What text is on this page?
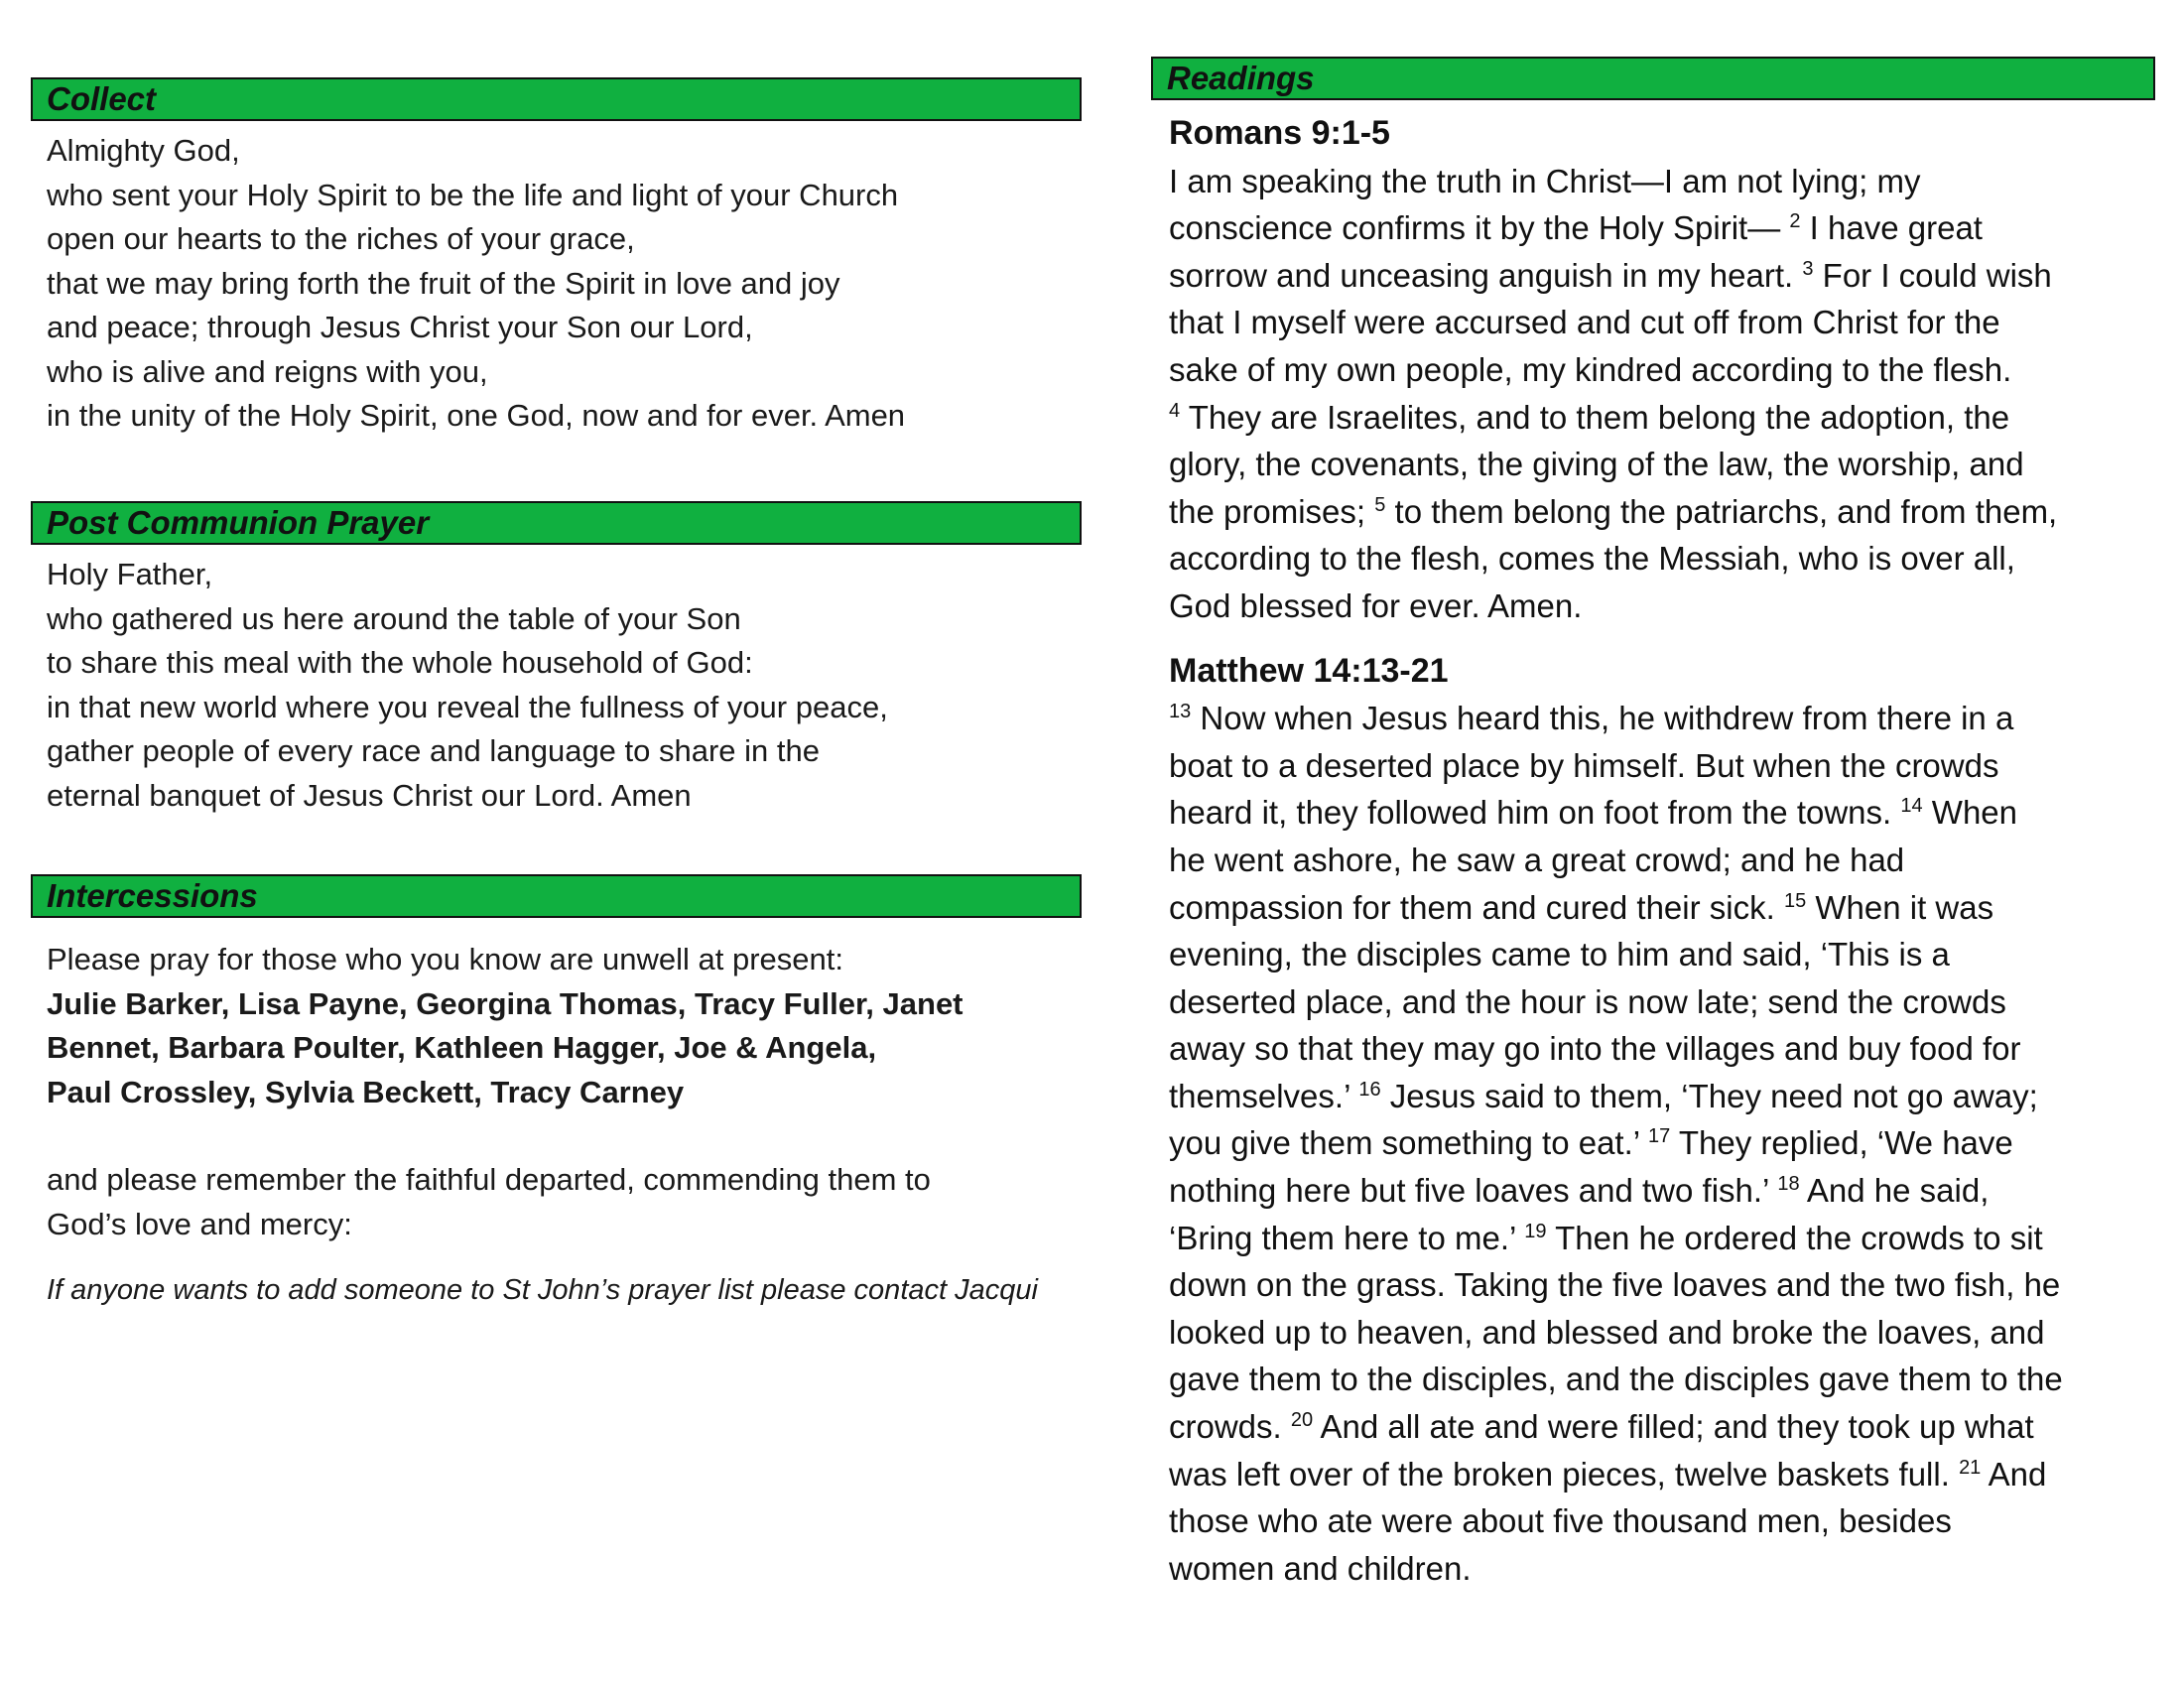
Collect
Almighty God,
who sent your Holy Spirit to be the life and light of your Church
open our hearts to the riches of your grace,
that we may bring forth the fruit of the Spirit in love and joy
and peace; through Jesus Christ your Son our Lord,
who is alive and reigns with you,
in the unity of the Holy Spirit, one God, now and for ever. Amen
Post Communion Prayer
Holy Father,
who gathered us here around the table of your Son
to share this meal with the whole household of God:
in that new world where you reveal the fullness of your peace,
gather people of every race and language to share in the
eternal banquet of Jesus Christ our Lord. Amen
Intercessions
Please pray for those who you know are unwell at present:
Julie Barker, Lisa Payne, Georgina Thomas, Tracy Fuller, Janet
Bennet, Barbara Poulter, Kathleen Hagger, Joe & Angela,
Paul Crossley, Sylvia Beckett, Tracy Carney
and please remember the faithful departed, commending them to
God’s love and mercy:
If anyone wants to add someone to St John’s prayer list please contact Jacqui
Readings
Romans 9:1-5
I am speaking the truth in Christ—I am not lying; my
conscience confirms it by the Holy Spirit— $^2$ I have great
sorrow and unceasing anguish in my heart. $^3$ For I could wish
that I myself were accursed and cut off from Christ for the
sake of my own people, my kindred according to the flesh.
$^4$ They are Israelites, and to them belong the adoption, the
glory, the covenants, the giving of the law, the worship, and
the promises; $^5$ to them belong the patriarchs, and from them,
according to the flesh, comes the Messiah, who is over all,
God blessed for ever. Amen.
Matthew 14:13-21
$^{13}$ Now when Jesus heard this, he withdrew from there in a
boat to a deserted place by himself. But when the crowds
heard it, they followed him on foot from the towns. $^{14}$ When
he went ashore, he saw a great crowd; and he had
compassion for them and cured their sick. $^{15}$ When it was
evening, the disciples came to him and said, ‘This is a
deserted place, and the hour is now late; send the crowds
away so that they may go into the villages and buy food for
themselves.’ $^{16}$ Jesus said to them, ‘They need not go away;
you give them something to eat.’ $^{17}$ They replied, ‘We have
nothing here but five loaves and two fish.’ $^{18}$ And he said,
‘Bring them here to me.’ $^{19}$ Then he ordered the crowds to sit
down on the grass. Taking the five loaves and the two fish, he
looked up to heaven, and blessed and broke the loaves, and
gave them to the disciples, and the disciples gave them to the
crowds. $^{20}$ And all ate and were filled; and they took up what
was left over of the broken pieces, twelve baskets full. $^{21}$ And
those who ate were about five thousand men, besides
women and children.
